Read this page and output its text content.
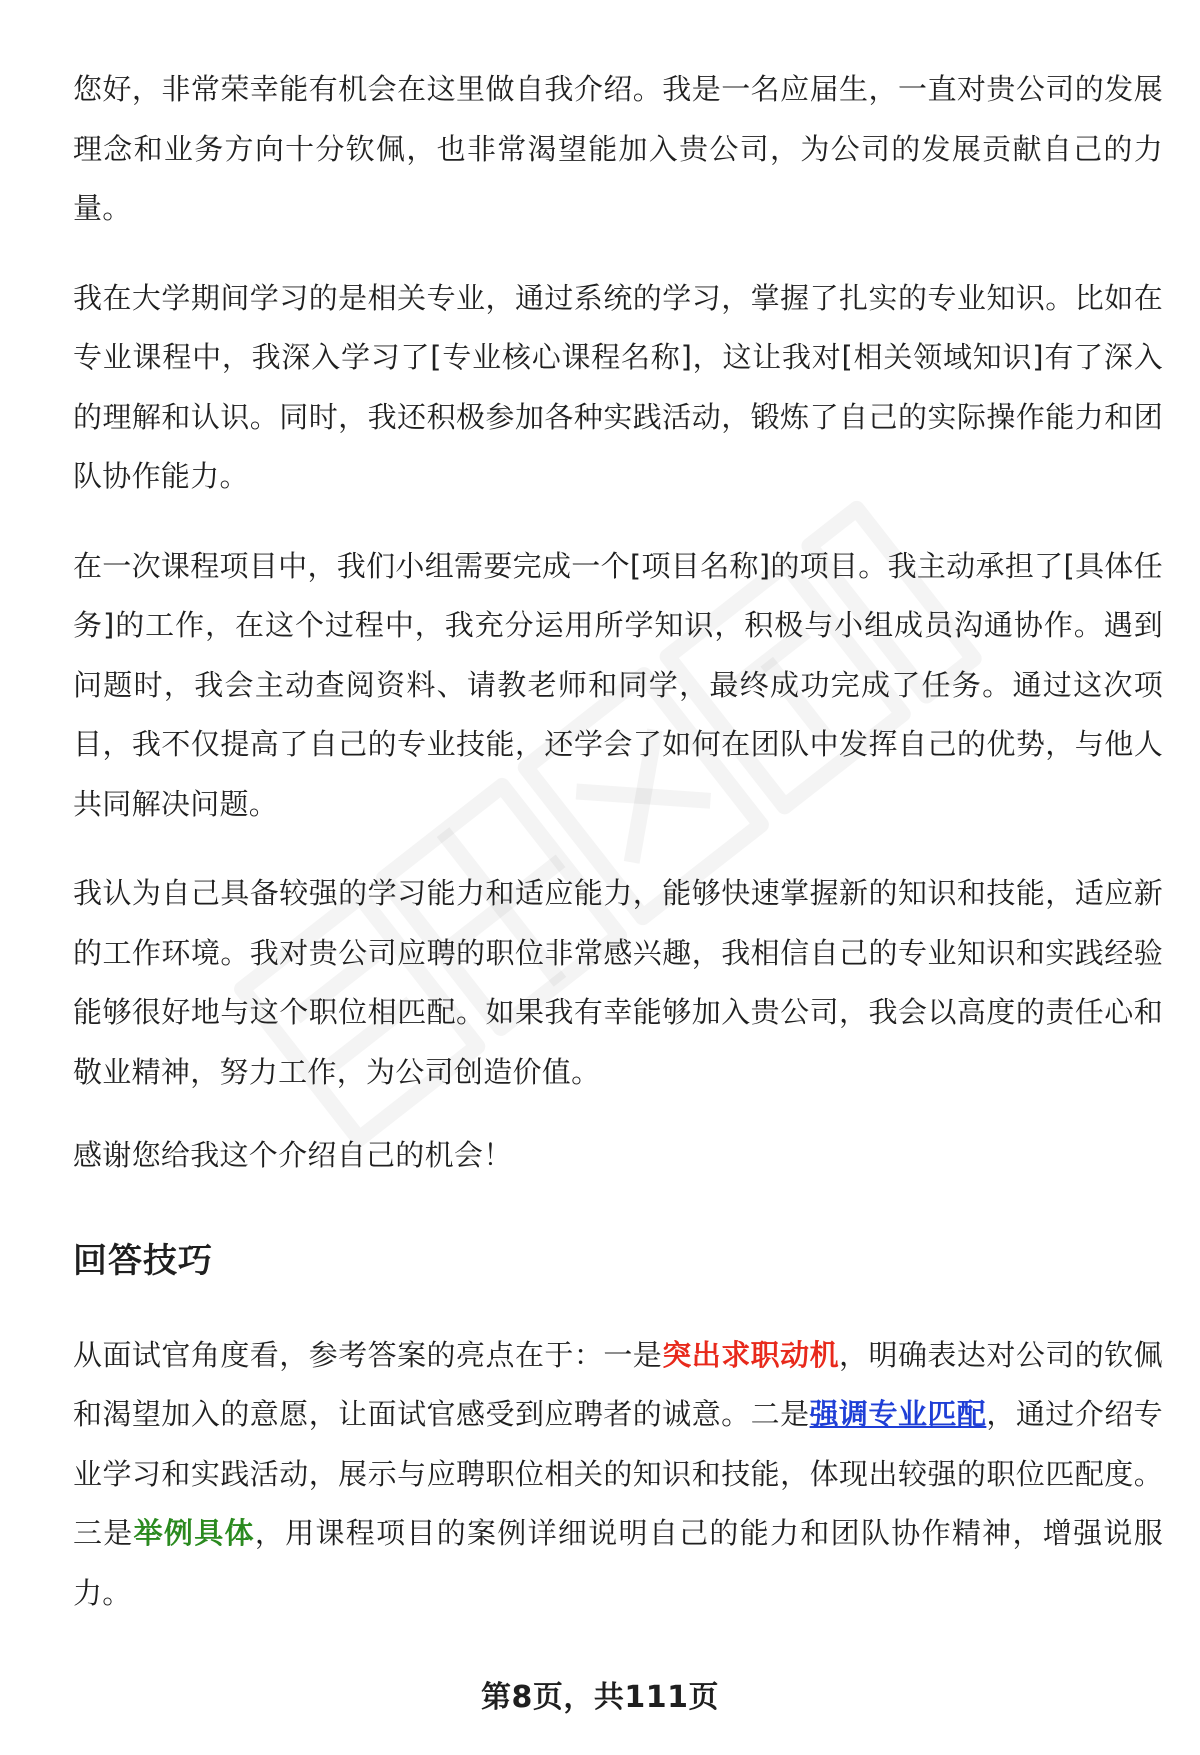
您好，非常荣幸能有机会在这里做自我介绍。我是一名应届生，一直对贵公司的发展理念和业务方向十分钦佩，也非常渴望能加入贵公司，为公司的发展贡献自己的力量。

我在大学期间学习的是相关专业，通过系统的学习，掌握了扎实的专业知识。比如在专业课程中，我深入学习了[专业核心课程名称]，这让我对[相关领域知识]有了深入的理解和认识。同时，我还积极参加各种实践活动，锻炼了自己的实际操作能力和团队协作能力。

在一次课程项目中，我们小组需要完成一个[项目名称]的项目。我主动承担了[具体任务]的工作，在这个过程中，我充分运用所学知识，积极与小组成员沟通协作。遇到问题时，我会主动查阅资料、请教老师和同学，最终成功完成了任务。通过这次项目，我不仅提高了自己的专业技能，还学会了如何在团队中发挥自己的优势，与他人共同解决问题。

我认为自己具备较强的学习能力和适应能力，能够快速掌握新的知识和技能，适应新的工作环境。我对贵公司应聘的职位非常感兴趣，我相信自己的专业知识和实践经验能够很好地与这个职位相匹配。如果我有幸能够加入贵公司，我会以高度的责任心和敬业精神，努力工作，为公司创造价值。

感谢您给我这个介绍自己的机会！

回答技巧

从面试官角度看，参考答案的亮点在于：一是突出求职动机，明确表达对公司的钦佩和渴望加入的意愿，让面试官感受到应聘者的诚意。二是强调专业匹配，通过介绍专业学习和实践活动，展示与应聘职位相关的知识和技能，体现出较强的职位匹配度。三是举例具体，用课程项目的案例详细说明自己的能力和团队协作精神，增强说服力。

第8页，共111页
